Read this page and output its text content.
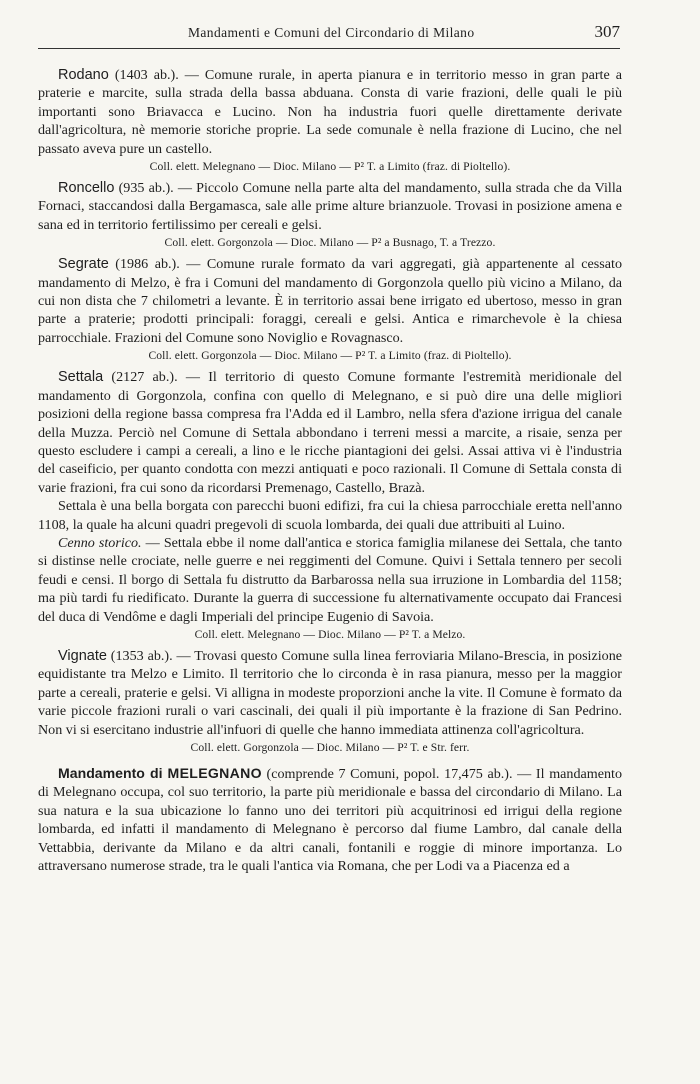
Mandamenti e Comuni del Circondario di Milano	307

Rodano (1403 ab.). — Comune rurale, in aperta pianura e in territorio messo in gran parte a praterie e marcite, sulla strada della bassa abduana. Consta di varie frazioni, delle quali le più importanti sono Briavacca e Lucino. Non ha industria fuori quelle direttamente derivate dall'agricoltura, nè memorie storiche proprie. La sede comunale è nella frazione di Lucino, che nel passato aveva pure un castello.

Coll. elett. Melegnano — Dioc. Milano — P² T. a Limito (fraz. di Pioltello).

Roncello (935 ab.). — Piccolo Comune nella parte alta del mandamento, sulla strada che da Villa Fornaci, staccandosi dalla Bergamasca, sale alle prime alture brianzuole. Trovasi in posizione amena e sana ed in territorio fertilissimo per cereali e gelsi.

Coll. elett. Gorgonzola — Dioc. Milano — P² a Busnago, T. a Trezzo.

Segrate (1986 ab.). — Comune rurale formato da vari aggregati, già appartenente al cessato mandamento di Melzo, è fra i Comuni del mandamento di Gorgonzola quello più vicino a Milano, da cui non dista che 7 chilometri a levante. È in territorio assai bene irrigato ed ubertoso, messo in gran parte a praterie; prodotti principali: foraggi, cereali e gelsi. Antica e rimarchevole è la chiesa parrocchiale. Frazioni del Comune sono Noviglio e Rovagnasco.

Coll. elett. Gorgonzola — Dioc. Milano — P² T. a Limito (fraz. di Pioltello).

Settala (2127 ab.). — Il territorio di questo Comune formante l'estremità meridionale del mandamento di Gorgonzola, confina con quello di Melegnano, e si può dire una delle migliori posizioni della regione bassa compresa fra l'Adda ed il Lambro, nella sfera d'azione irrigua del canale della Muzza. Perciò nel Comune di Settala abbondano i terreni messi a marcite, a risaie, senza per questo escludere i campi a cereali, a lino e le ricche piantagioni dei gelsi. Assai attiva vi è l'industria del caseificio, per quanto condotta con mezzi antiquati e poco razionali. Il Comune di Settala consta di varie frazioni, fra cui sono da ricordarsi Premenago, Castello, Brazà.

Settala è una bella borgata con parecchi buoni edifizi, fra cui la chiesa parrocchiale eretta nell'anno 1108, la quale ha alcuni quadri pregevoli di scuola lombarda, dei quali due attribuiti al Luino.

Cenno storico. — Settala ebbe il nome dall'antica e storica famiglia milanese dei Settala, che tanto si distinse nelle crociate, nelle guerre e nei reggimenti del Comune. Quivi i Settala tennero per secoli feudi e censi. Il borgo di Settala fu distrutto da Barbarossa nella sua irruzione in Lombardia del 1158; ma più tardi fu riedificato. Durante la guerra di successione fu alternativamente occupato dai Francesi del duca di Vendôme e dagli Imperiali del principe Eugenio di Savoia.

Coll. elett. Melegnano — Dioc. Milano — P² T. a Melzo.

Vignate (1353 ab.). — Trovasi questo Comune sulla linea ferroviaria Milano-Brescia, in posizione equidistante tra Melzo e Limito. Il territorio che lo circonda è in rasa pianura, messo per la maggior parte a cereali, praterie e gelsi. Vi alligna in modeste proporzioni anche la vite. Il Comune è formato da varie piccole frazioni rurali o vari cascinali, dei quali il più importante è la frazione di San Pedrino. Non vi si esercitano industrie all'infuori di quelle che hanno immediata attinenza coll'agricoltura.

Coll. elett. Gorgonzola — Dioc. Milano — P² T. e Str. ferr.

Mandamento di MELEGNANO (comprende 7 Comuni, popol. 17,475 ab.). — Il mandamento di Melegnano occupa, col suo territorio, la parte più meridionale e bassa del circondario di Milano. La sua natura e la sua ubicazione lo fanno uno dei territori più acquitrinosi ed irrigui della regione lombarda, ed infatti il mandamento di Melegnano è percorso dal fiume Lambro, dal canale della Vettabbia, derivante da Milano e da altri canali, fontanili e roggie di minore importanza. Lo attraversano numerose strade, tra le quali l'antica via Romana, che per Lodi va a Piacenza ed a
